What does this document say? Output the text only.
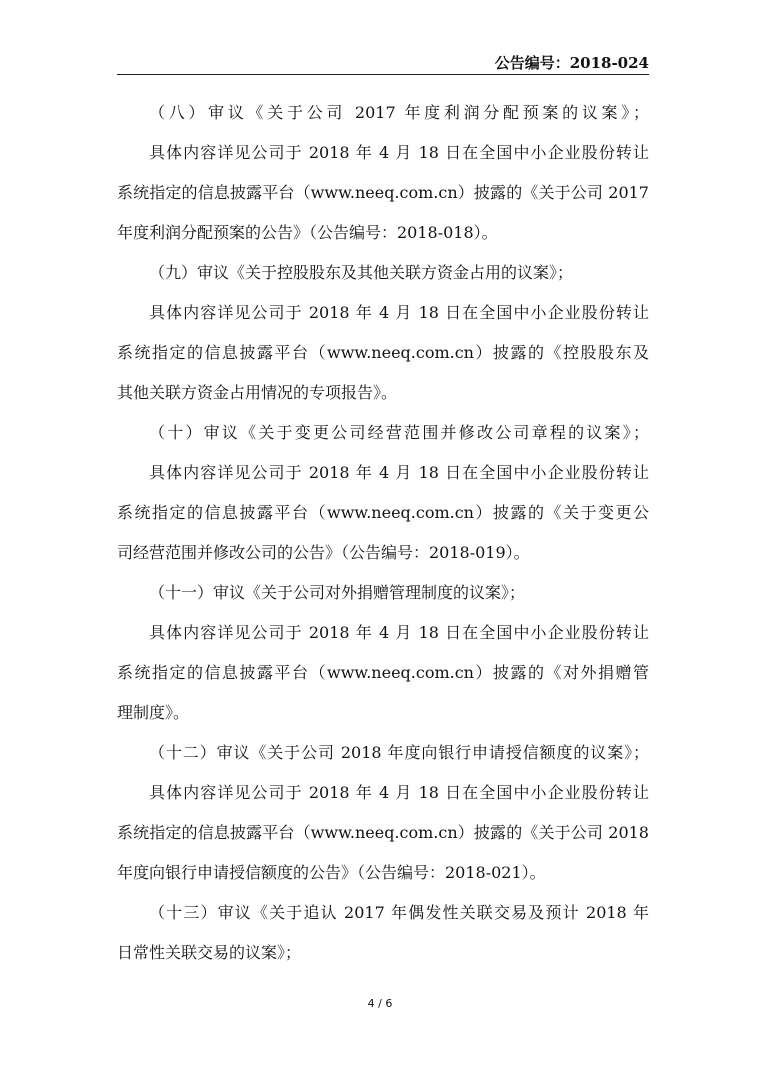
公告编号：2018-024
（八）审议《关于公司 2017 年度利润分配预案的议案》；
具体内容详见公司于 2018 年 4 月 18 日在全国中小企业股份转让
系统指定的信息披露平台（www.neeq.com.cn）披露的《关于公司 2017
年度利润分配预案的公告》（公告编号：2018-018）。
（九）审议《关于控股股东及其他关联方资金占用的议案》；
具体内容详见公司于 2018 年 4 月 18 日在全国中小企业股份转让
系统指定的信息披露平台（www.neeq.com.cn）披露的《控股股东及
其他关联方资金占用情况的专项报告》。
（十）审议《关于变更公司经营范围并修改公司章程的议案》；
具体内容详见公司于 2018 年 4 月 18 日在全国中小企业股份转让
系统指定的信息披露平台（www.neeq.com.cn）披露的《关于变更公
司经营范围并修改公司的公告》（公告编号：2018-019）。
（十一）审议《关于公司对外捐赠管理制度的议案》；
具体内容详见公司于 2018 年 4 月 18 日在全国中小企业股份转让
系统指定的信息披露平台（www.neeq.com.cn）披露的《对外捐赠管
理制度》。
（十二）审议《关于公司 2018 年度向银行申请授信额度的议案》；
具体内容详见公司于 2018 年 4 月 18 日在全国中小企业股份转让
系统指定的信息披露平台（www.neeq.com.cn）披露的《关于公司 2018
年度向银行申请授信额度的公告》（公告编号：2018-021）。
（十三）审议《关于追认 2017 年偶发性关联交易及预计 2018 年
日常性关联交易的议案》；
4 / 6
